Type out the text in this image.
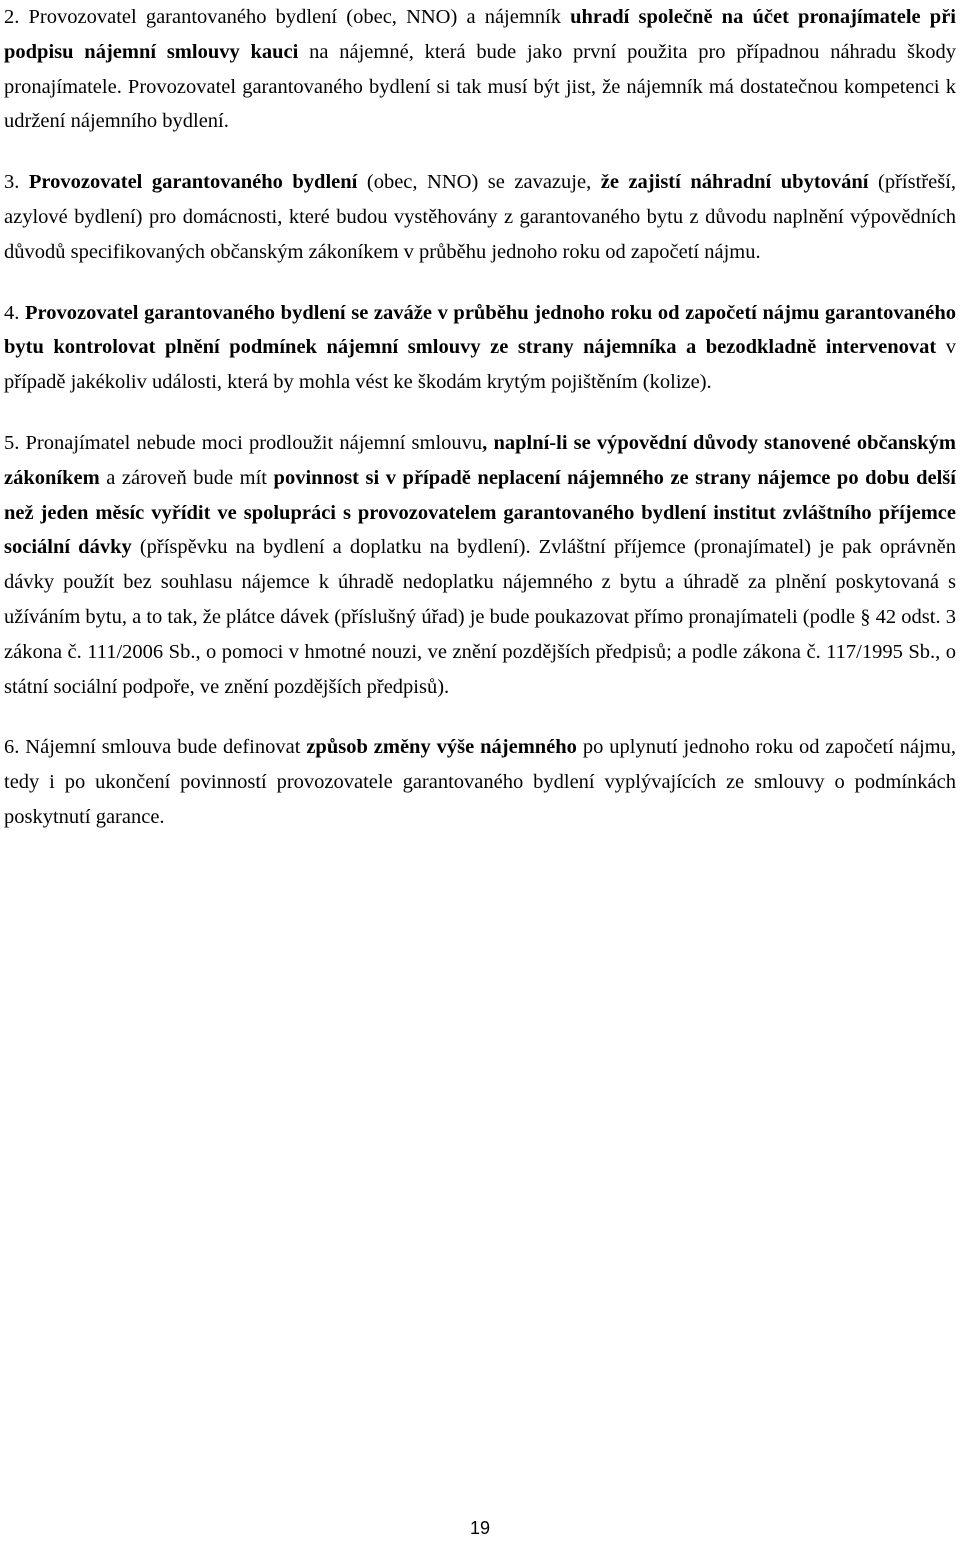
2. Provozovatel garantovaného bydlení (obec, NNO) a nájemník uhradí společně na účet pronajímatele při podpisu nájemní smlouvy kauci na nájemné, která bude jako první použita pro případnou náhradu škody pronajímatele. Provozovatel garantovaného bydlení si tak musí být jist, že nájemník má dostatečnou kompetenci k udržení nájemního bydlení.

3. Provozovatel garantovaného bydlení (obec, NNO) se zavazuje, že zajistí náhradní ubytování (přístřeší, azylové bydlení) pro domácnosti, které budou vystěhovány z garantovaného bytu z důvodu naplnění výpovědních důvodů specifikovaných občanským zákoníkem v průběhu jednoho roku od započetí nájmu.

4. Provozovatel garantovaného bydlení se zaváže v průběhu jednoho roku od započetí nájmu garantovaného bytu kontrolovat plnění podmínek nájemní smlouvy ze strany nájemníka a bezodkladně intervenovat v případě jakékoliv události, která by mohla vést ke škodám krytým pojištěním (kolize).

5. Pronajímatel nebude moci prodloužit nájemní smlouvu, naplní-li se výpovědní důvody stanovené občanským zákoníkem a zároveň bude mít povinnost si v případě neplacení nájemného ze strany nájemce po dobu delší než jeden měsíc vyřídit ve spolupráci s provozovatelem garantovaného bydlení institut zvláštního příjemce sociální dávky (příspěvku na bydlení a doplatku na bydlení). Zvláštní příjemce (pronajímatel) je pak oprávněn dávky použít bez souhlasu nájemce k úhradě nedoplatku nájemného z bytu a úhradě za plnění poskytovaná s užíváním bytu, a to tak, že plátce dávek (příslušný úřad) je bude poukazovat přímo pronajímateli (podle § 42 odst. 3 zákona č. 111/2006 Sb., o pomoci v hmotné nouzi, ve znění pozdějších předpisů; a podle zákona č. 117/1995 Sb., o státní sociální podpoře, ve znění pozdějších předpisů).

6. Nájemní smlouva bude definovat způsob změny výše nájemného po uplynutí jednoho roku od započetí nájmu, tedy i po ukončení povinností provozovatele garantovaného bydlení vyplývajících ze smlouvy o podmínkách poskytnutí garance.

19
